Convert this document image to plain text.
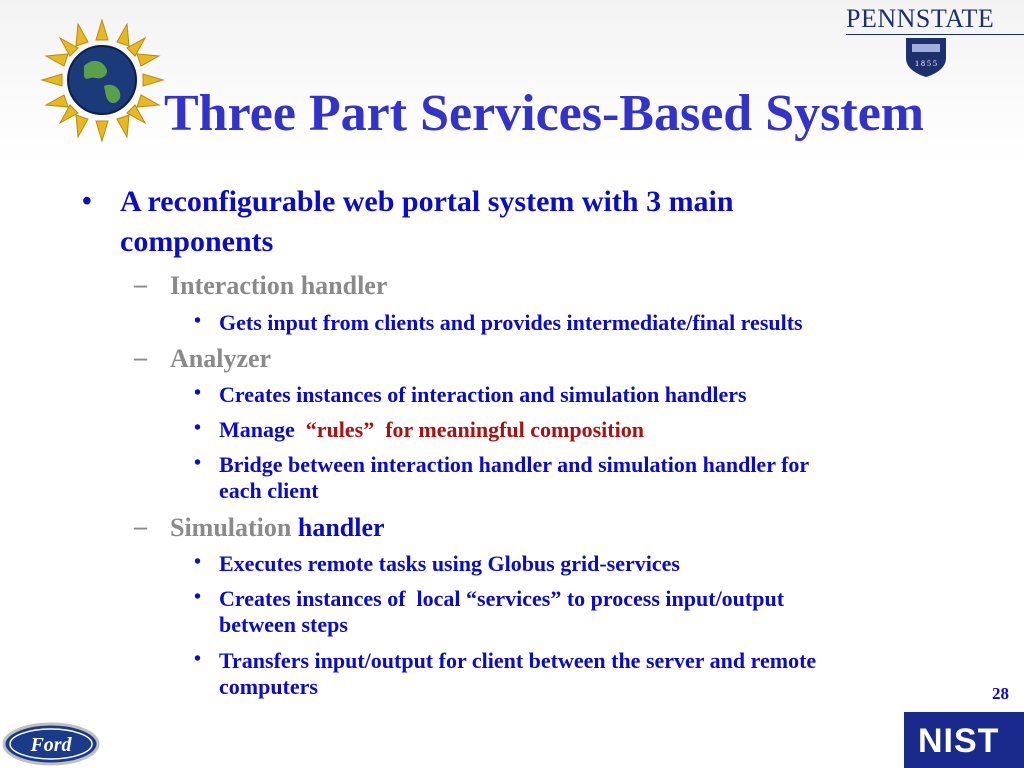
Three Part Services-Based System
PENNSTATE
1 8 5 5
• A reconfigurable web portal system with 3 main

components

– Interaction handler

• Gets input from clients and provides intermediate/final results

– Analyzer

• Creates instances of interaction and simulation handlers

• Manage  “rules”  for meaningful composition

• Bridge between interaction handler and simulation handler for

each client

– Simulation handler

• Executes remote tasks using Globus grid-services

• Creates instances of  local “services” to process input/output

between steps

• Transfers input/output for client between the server and remote

computers	28
Ford	NIST
